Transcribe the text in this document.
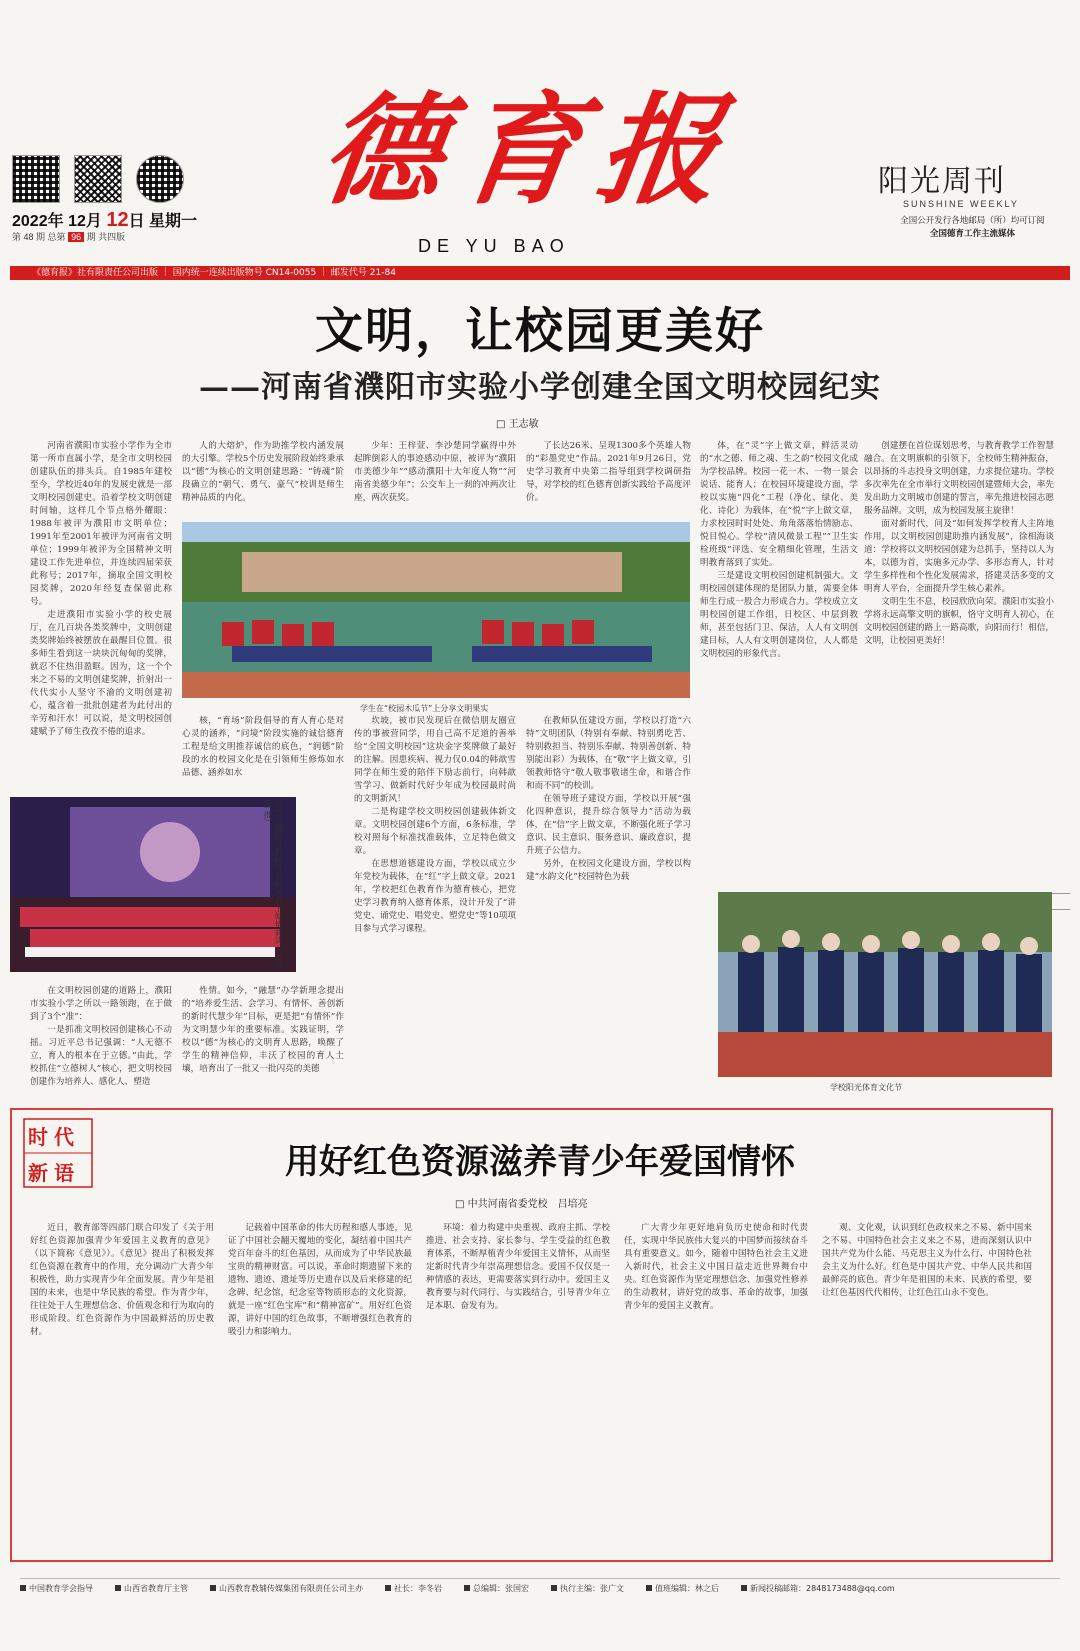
2022年 12月 12日 星期一
第 48 期 总第 96 期 共四版
德育报
DE YU BAO
阳光周刊
SUNSHINE WEEKLY
全国公开发行各地邮局（所）均可订阅
全国德育工作主流媒体
《德育报》社有限责任公司出版 ｜ 国内统一连续出版物号 CN14-0055 ｜ 邮发代号 21-84
文明，让校园更美好
——河南省濮阳市实验小学创建全国文明校园纪实
□ 王志敏

河南省濮阳市实验小学作为全市第一所市直属小学，是全市文明校园创建队伍的排头兵。自1985年建校至今，学校近40年的发展史就是一部文明校园创建史。沿着学校文明创建时间轴，这样几个节点格外耀眼：1988年被评为濮阳市文明单位；1991年至2001年被评为河南省文明单位；1999年被评为全国精神文明建设工作先进单位，并连续四届荣获此称号；2017年，摘取全国文明校园奖牌，2020年经复查保留此称号。

走进濮阳市实验小学的校史展厅，在几百块各类奖牌中，文明创建类奖牌始终被摆放在最醒目位置。很多师生看到这一块块沉甸甸的奖牌，就忍不住热泪盈眶。因为，这一个个来之不易的文明创建奖牌，折射出一代代实小人坚守不渝的文明创建初心，蕴含着一批批创建者为此付出的辛劳和汗水！可以说，是文明校园创建赋予了师生孜孜不倦的追求。

人的大熔炉，作为助推学校内涵发展的大引擎。学校5个历史发展阶段始终秉承以“德”为核心的文明创建思路：“铸魂”阶段确立的“朝气、勇气、豪气”校训是师生精神品质的内化。

少年：王梓萱、李沙楚同学赢得中外起眸倒彩人的事迹感动中原，被评为“濮阳市美德少年”“感动濮阳十大年度人物”“河南省美德少年”；公交车上一刹的冲两次让座，两次获奖。

了长达26米、呈现1300多个英雄人物的“彩墨党史”作品。2021年9月26日，党史学习教育中央第二指导组到学校调研指导，对学校的红色德育创新实践给予高度评价。

学生在“校园木瓜节”上分享文明果实
学生在濮阳市教师节表彰大会上倾情诵读（张志磊 摄）

在文明校园创建的道路上，濮阳市实验小学之所以一路领跑，在于做到了3个“准”：

一是抓准文明校园创建核心不动摇。习近平总书记强调：“人无德不立，育人的根本在于立德。”由此，学校抓住“立德树人”核心，把文明校园创建作为培养人、感化人、塑造

性情。如今，“融慧”办学新理念提出的“培养爱生活、会学习、有情怀、善创新的新时代慧少年”目标，更是把“有情怀”作为文明慧少年的重要标准。实践证明，学校以“德”为核心的文明育人思路，唤醒了学生的精神信仰，丰沃了校园的育人土壤，培育出了一批又一批闪亮的美德

核，“育场”阶段倡导的育人育心是对心灵的涵养，“问境”阶段实施的诚信德育工程是给文明推荐诚信的底色，“润德”阶段的水的校园文化是在引领师生修炼如水品德、涵养如水

坎坡，被市民发现后在微信朋友圈宣传的事被营同学，用自己高不足道的善举给“全国文明校园”这块金字奖牌做了最好的注解。因患疾病、视力仅0.04的韩歆雪同学在师生爱的陪伴下励志前行，向韩歆雪学习、做新时代好少年成为校园最时尚的文明新风！

二是构建学校文明校园创建载体新文章。文明校园创建6个方面，6条标准，学校对照每个标准找准载体，立足特色做文章。

在思想道德建设方面，学校以成立少年党校为载体，在“红”字上做文章。2021年，学校把红色教育作为德育核心，把党史学习教育纳入德育体系，设计开发了“讲党史、诵党史、唱党史、塑党史”等10项项目参与式学习课程。

在教师队伍建设方面，学校以打造“六特”文明团队（特别有奉献、特别勇吃苦、特别救担当、特别乐奉献、特别善创新、特别能出彩）为载体，在“敬”字上做文章，引领教师恪守“敬人敬事敬诸生命，和谐合作和而不同”的校训。

在领导班子建设方面，学校以开展“强化四种意识，提升综合领导力”活动为载体，在“信”字上做文章，不断强化班子学习意识、民主意识、服务意识、廉政意识，提升班子公信力。

另外，在校园文化建设方面，学校以构建“水韵文化”校园特色为载

体，在“灵”字上做文章，鲜活灵动的“水之德、师之魂、生之韵”校园文化成为学校品牌。校园一花一木、一物一景会说话、能育人；在校园环境建设方面，学校以实施“四化”工程（净化、绿化、美化、诗化）为载体，在“悦”字上做文章，力求校园时时处处、角角落落怡情励志、悦目悦心。学校“清风微景工程”“卫生实检班级”评选、安全精细化管理，生活文明教育落到了实处。

三是建设文明校园创建机制强大。文明校园创建体现的是团队力量，需要全体师生行成一股合力形成合力。学校成立文明校园创建工作组，日校区、中层到教师，甚至包括门卫、保洁，人人有文明创建目标，人人有文明创建岗位，人人都是文明校园的形象代言。

创建摆在首位谋划思考，与教育教学工作智慧融合。在文明旗帜的引领下，全校师生精神振奋，以昂扬的斗志投身文明创建，力求提位建功。学校多次率先在全市举行文明校园创建暨师大会，率先发出助力文明城市创建的誓言，率先推进校园志愿服务品牌。文明，成为校园发展主旋律！

面对新时代，问及“如何发挥学校育人主阵地作用，以文明校园创建助推内涵发展”，徐相海谈道：学校将以文明校园创建为总抓手，坚持以人为本，以德为首，实施多元办学、多形态育人，针对学生多样性和个性化发展需求，搭建灵活多变的文明育人平台，全面提升学生核心素养。

文明生生不息，校园欣欣向荣。濮阳市实验小学将永远高擎文明的旗帜，恪守文明育人初心，在文明校园创建的路上一路高歌，向阳而行！相信，文明，让校园更美好！

学校阳光体育文化节
时代
新语	用好红色资源滋养青少年爱国情怀
□ 中共河南省委党校　吕培亮

近日，教育部等四部门联合印发了《关于用好红色资源加强青少年爱国主义教育的意见》（以下简称《意见》）。《意见》提出了积极发挥红色资源在教育中的作用，充分调动广大青少年积极性，助力实现青少年全面发展。青少年是祖国的未来，也是中华民族的希望。作为青少年，往往处于人生理想信念、价值观念和行为取向的形成阶段。红色资源作为中国最鲜活的历史教材。

记载着中国革命的伟大历程和感人事迹，见证了中国社会翻天覆地的变化，凝结着中国共产党百年奋斗的红色基因，从而成为了中华民族最宝贵的精神财富。可以说，革命时期遗留下来的遗物、遗迹、遗址等历史遗存以及后来修建的纪念碑、纪念馆，纪念室等物质形态的文化资源，就是一座“红色宝库”和“精神富矿”。用好红色资源，讲好中国的红色故事，不断增强红色教育的吸引力和影响力。

环境：着力构建中央重视、政府主抓、学校推进、社会支持、家长参与、学生受益的红色教育体系，不断厚植青少年爱国主义情怀，从而坚定新时代青少年崇高理想信念。爱国不仅仅是一种情感的表达，更需要落实到行动中。爱国主义教育要与时代同行、与实践结合，引导青少年立足本职、奋发有为。

广大青少年更好地肩负历史使命和时代责任，实现中华民族伟大复兴的中国梦而接续奋斗具有重要意义。如今，随着中国特色社会主义进入新时代，社会主义中国日益走近世界舞台中央。红色资源作为坚定理想信念、加强党性修养的生动教材，讲好党的故事、革命的故事，加强青少年的爱国主义教育。

观、文化观，认识到红色政权来之不易、新中国来之不易、中国特色社会主义来之不易，进而深刻认识中国共产党为什么能、马克思主义为什么行、中国特色社会主义为什么好。红色是中国共产党、中华人民共和国最鲜亮的底色。青少年是祖国的未来、民族的希望，要让红色基因代代相传，让红色江山永不变色。

中国教育学会指导	山西省教育厅主管	山西教育教辅传媒集团有限责任公司主办	社长：李冬岩	总编辑：张国宏	执行主编：张广文	值班编辑：林之后	新闻投稿邮箱：2848173488@qq.com
